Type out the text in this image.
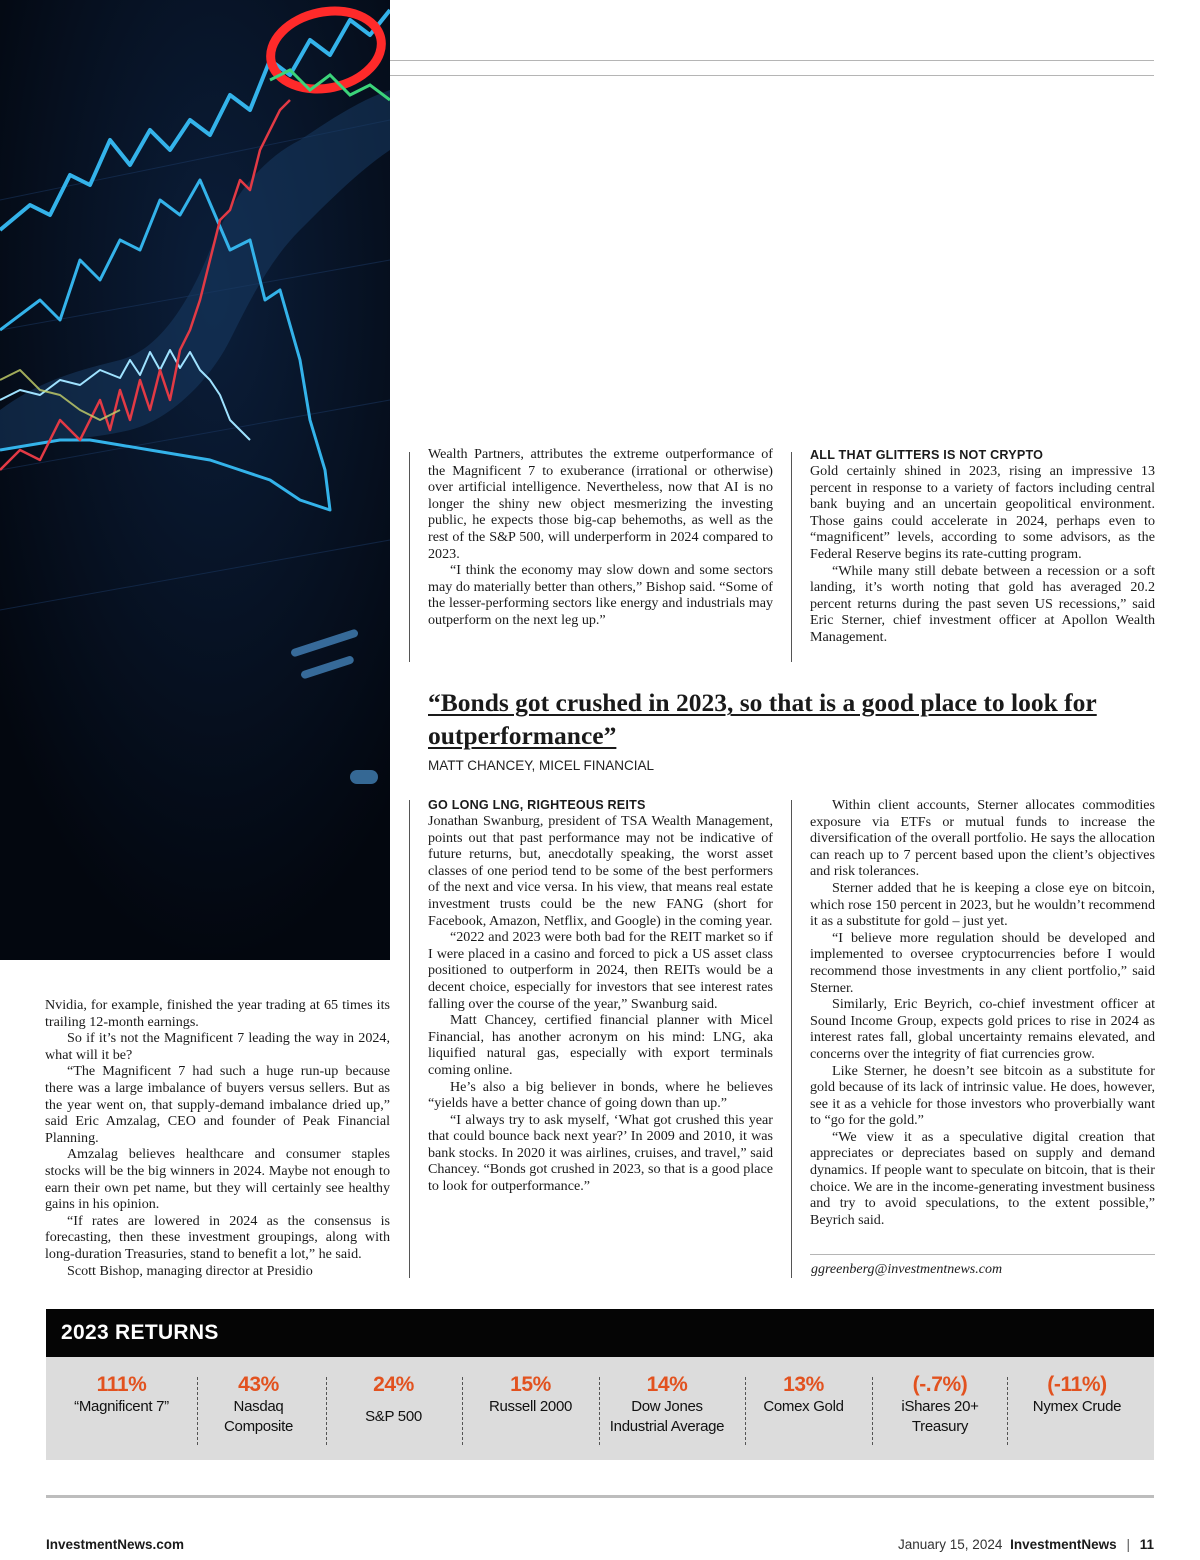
Nvidia, for example, finished the year trading at 65 times its trailing 12-month earnings.

So if it’s not the Magnificent 7 leading the way in 2024, what will it be?

“The Magnificent 7 had such a huge run-up because there was a large imbalance of buyers versus sellers. But as the year went on, that supply-demand imbalance dried up,” said Eric Amzalag, CEO and founder of Peak Financial Planning.

Amzalag believes healthcare and consumer staples stocks will be the big winners in 2024. Maybe not enough to earn their own pet name, but they will certainly see healthy gains in his opinion.

“If rates are lowered in 2024 as the consensus is forecasting, then these investment groupings, along with long-duration Treasuries, stand to benefit a lot,” he said.

Scott Bishop, managing director at Presidio

Wealth Partners, attributes the extreme outperformance of the Magnificent 7 to exuberance (irrational or otherwise) over artificial intelligence. Nevertheless, now that AI is no longer the shiny new object mesmerizing the investing public, he expects those big-cap behemoths, as well as the rest of the S&P 500, will underperform in 2024 compared to 2023.

“I think the economy may slow down and some sectors may do materially better than others,” Bishop said. “Some of the lesser-performing sectors like energy and industrials may outperform on the next leg up.”

ALL THAT GLITTERS IS NOT CRYPTO

Gold certainly shined in 2023, rising an impressive 13 percent in response to a variety of factors including central bank buying and an uncertain geopolitical environment. Those gains could accelerate in 2024, perhaps even to “magnificent” levels, according to some advisors, as the Federal Reserve begins its rate-cutting program.

“While many still debate between a recession or a soft landing, it’s worth noting that gold has averaged 20.2 percent returns during the past seven US recessions,” said Eric Sterner, chief investment officer at Apollon Wealth Management.

“Bonds got crushed in 2023, so that is a good place to look for outperformance”
MATT CHANCEY, MICEL FINANCIAL
GO LONG LNG, RIGHTEOUS REITS

Jonathan Swanburg, president of TSA Wealth Management, points out that past performance may not be indicative of future returns, but, anecdotally speaking, the worst asset classes of one period tend to be some of the best performers of the next and vice versa. In his view, that means real estate investment trusts could be the new FANG (short for Facebook, Amazon, Netflix, and Google) in the coming year.

“2022 and 2023 were both bad for the REIT market so if I were placed in a casino and forced to pick a US asset class positioned to outperform in 2024, then REITs would be a decent choice, especially for investors that see interest rates falling over the course of the year,” Swanburg said.

Matt Chancey, certified financial planner with Micel Financial, has another acronym on his mind: LNG, aka liquified natural gas, especially with export terminals coming online.

He’s also a big believer in bonds, where he believes “yields have a better chance of going down than up.”

“I always try to ask myself, ‘What got crushed this year that could bounce back next year?’ In 2009 and 2010, it was bank stocks. In 2020 it was airlines, cruises, and travel,” said Chancey. “Bonds got crushed in 2023, so that is a good place to look for outperformance.”

Within client accounts, Sterner allocates commodities exposure via ETFs or mutual funds to increase the diversification of the overall portfolio. He says the allocation can reach up to 7 percent based upon the client’s objectives and risk tolerances.

Sterner added that he is keeping a close eye on bitcoin, which rose 150 percent in 2023, but he wouldn’t recommend it as a substitute for gold – just yet.

“I believe more regulation should be developed and implemented to oversee cryptocurrencies before I would recommend those investments in any client portfolio,” said Sterner.

Similarly, Eric Beyrich, co-chief investment officer at Sound Income Group, expects gold prices to rise in 2024 as interest rates fall, global uncertainty remains elevated, and concerns over the integrity of fiat currencies grow.

Like Sterner, he doesn’t see bitcoin as a substitute for gold because of its lack of intrinsic value. He does, however, see it as a vehicle for those investors who proverbially want to “go for the gold.”

“We view it as a speculative digital creation that appreciates or depreciates based on supply and demand dynamics. If people want to speculate on bitcoin, that is their choice. We are in the income-generating investment business and try to avoid speculations, to the extent possible,” Beyrich said.

ggreenberg@investmentnews.com
2023 RETURNS
111%
“Magnificent 7”
43%
Nasdaq Composite
24%
S&P 500
15%
Russell 2000
14%
Dow Jones Industrial Average
13%
Comex Gold
(-.7%)
iShares 20+ Treasury
(-11%)
Nymex Crude
InvestmentNews.com	January 15, 2024 InvestmentNews | 11
